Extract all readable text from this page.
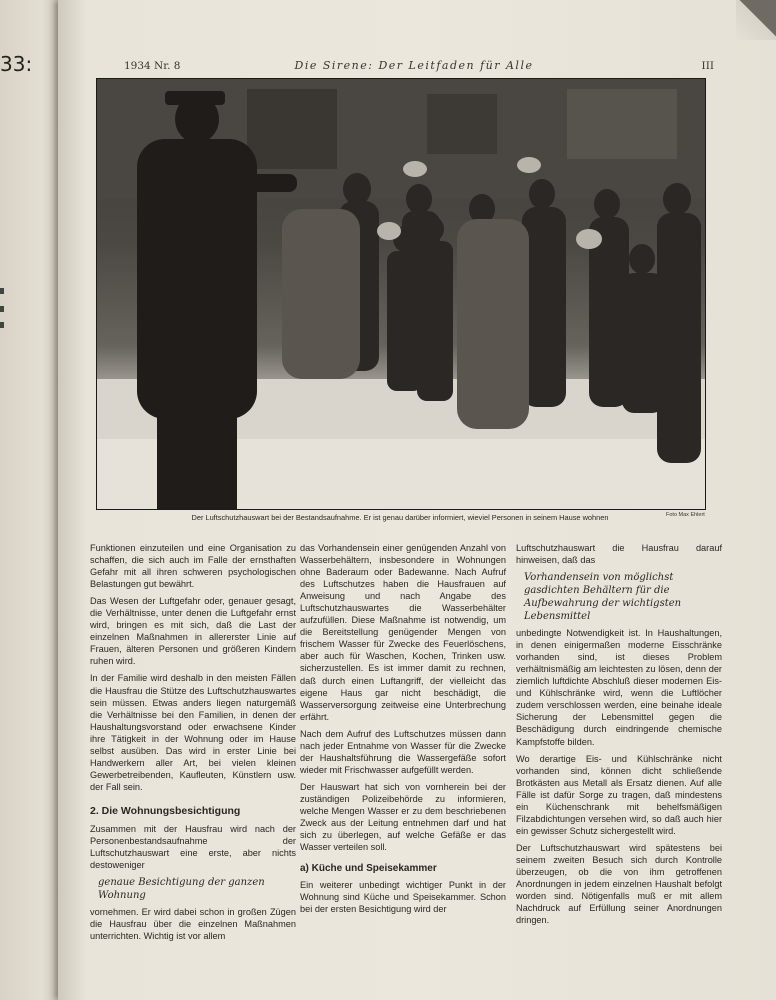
33:	1934 Nr. 8	Die Sirene: Der Leitfaden für Alle	III
Der Luftschutzhauswart bei der Bestandsaufnahme. Er ist genau darüber informiert, wieviel Personen in seinem Hause wohnen	Foto Max Ehlert

Funktionen einzuteilen und eine Organisation zu schaffen, die sich auch im Falle der ernsthaften Gefahr mit all ihren schweren psychologischen Belastungen gut bewährt.

Das Wesen der Luftgefahr oder, genauer gesagt, die Verhältnisse, unter denen die Luftgefahr ernst wird, bringen es mit sich, daß die Last der einzelnen Maßnahmen in allererster Linie auf Frauen, älteren Personen und größeren Kindern ruhen wird.

In der Familie wird deshalb in den meisten Fällen die Hausfrau die Stütze des Luftschutzhauswartes sein müssen. Etwas anders liegen naturgemäß die Verhältnisse bei den Familien, in denen der Haushaltungsvorstand oder erwachsene Kinder ihre Tätigkeit in der Wohnung oder im Hause selbst ausüben. Das wird in erster Linie bei Handwerkern aller Art, bei vielen kleinen Gewerbetreibenden, Kaufleuten, Künstlern usw. der Fall sein.

2. Die Wohnungsbesichtigung

Zusammen mit der Hausfrau wird nach der Personenbestandsaufnahme der Luftschutzhauswart eine erste, aber nichts destoweniger

genaue Besichtigung der ganzen Wohnung

vornehmen. Er wird dabei schon in großen Zügen die Hausfrau über die einzelnen Maßnahmen unterrichten. Wichtig ist vor allem

das Vorhandensein einer genügenden Anzahl von Wasserbehältern, insbesondere in Wohnungen ohne Baderaum oder Badewanne. Nach Aufruf des Luftschutzes haben die Hausfrauen auf Anweisung und nach Angabe des Luftschutzhauswartes die Wasserbehälter aufzufüllen. Diese Maßnahme ist notwendig, um die Bereitstellung genügender Mengen von frischem Wasser für Zwecke des Feuerlöschens, aber auch für Waschen, Kochen, Trinken usw. sicherzustellen. Es ist immer damit zu rechnen, daß durch einen Luftangriff, der vielleicht das eigene Haus gar nicht beschädigt, die Wasserversorgung zeitweise eine Unterbrechung erfährt.

Nach dem Aufruf des Luftschutzes müssen dann nach jeder Entnahme von Wasser für die Zwecke der Haushaltsführung die Wassergefäße sofort wieder mit Frischwasser aufgefüllt werden.

Der Hauswart hat sich von vornherein bei der zuständigen Polizeibehörde zu informieren, welche Mengen Wasser er zu dem beschriebenen Zweck aus der Leitung entnehmen darf und hat sich zu überlegen, auf welche Gefäße er das Wasser verteilen soll.

a) Küche und Speisekammer

Ein weiterer unbedingt wichtiger Punkt in der Wohnung sind Küche und Speisekammer. Schon bei der ersten Besichtigung wird der

Luftschutzhauswart die Hausfrau darauf hinweisen, daß das

Vorhandensein von möglichst gasdichten Behältern für die Aufbewahrung der wichtigsten Lebensmittel

unbedingte Notwendigkeit ist. In Haushaltungen, in denen einigermaßen moderne Eisschränke vorhanden sind, ist dieses Problem verhältnismäßig am leichtesten zu lösen, denn der ziemlich luftdichte Abschluß dieser modernen Eis- und Kühlschränke wird, wenn die Luftlöcher zudem verschlossen werden, eine beinahe ideale Sicherung der Lebensmittel gegen die Beschädigung durch eindringende chemische Kampfstoffe bilden.

Wo derartige Eis- und Kühlschränke nicht vorhanden sind, können dicht schließende Brotkästen aus Metall als Ersatz dienen. Auf alle Fälle ist dafür Sorge zu tragen, daß mindestens ein Küchenschrank mit behelfsmäßigen Filzabdichtungen versehen wird, so daß auch hier ein gewisser Schutz sichergestellt wird.

Der Luftschutzhauswart wird spätestens bei seinem zweiten Besuch sich durch Kontrolle überzeugen, ob die von ihm getroffenen Anordnungen in jedem einzelnen Haushalt befolgt worden sind. Nötigenfalls muß er mit allem Nachdruck auf Erfüllung seiner Anordnungen dringen.
